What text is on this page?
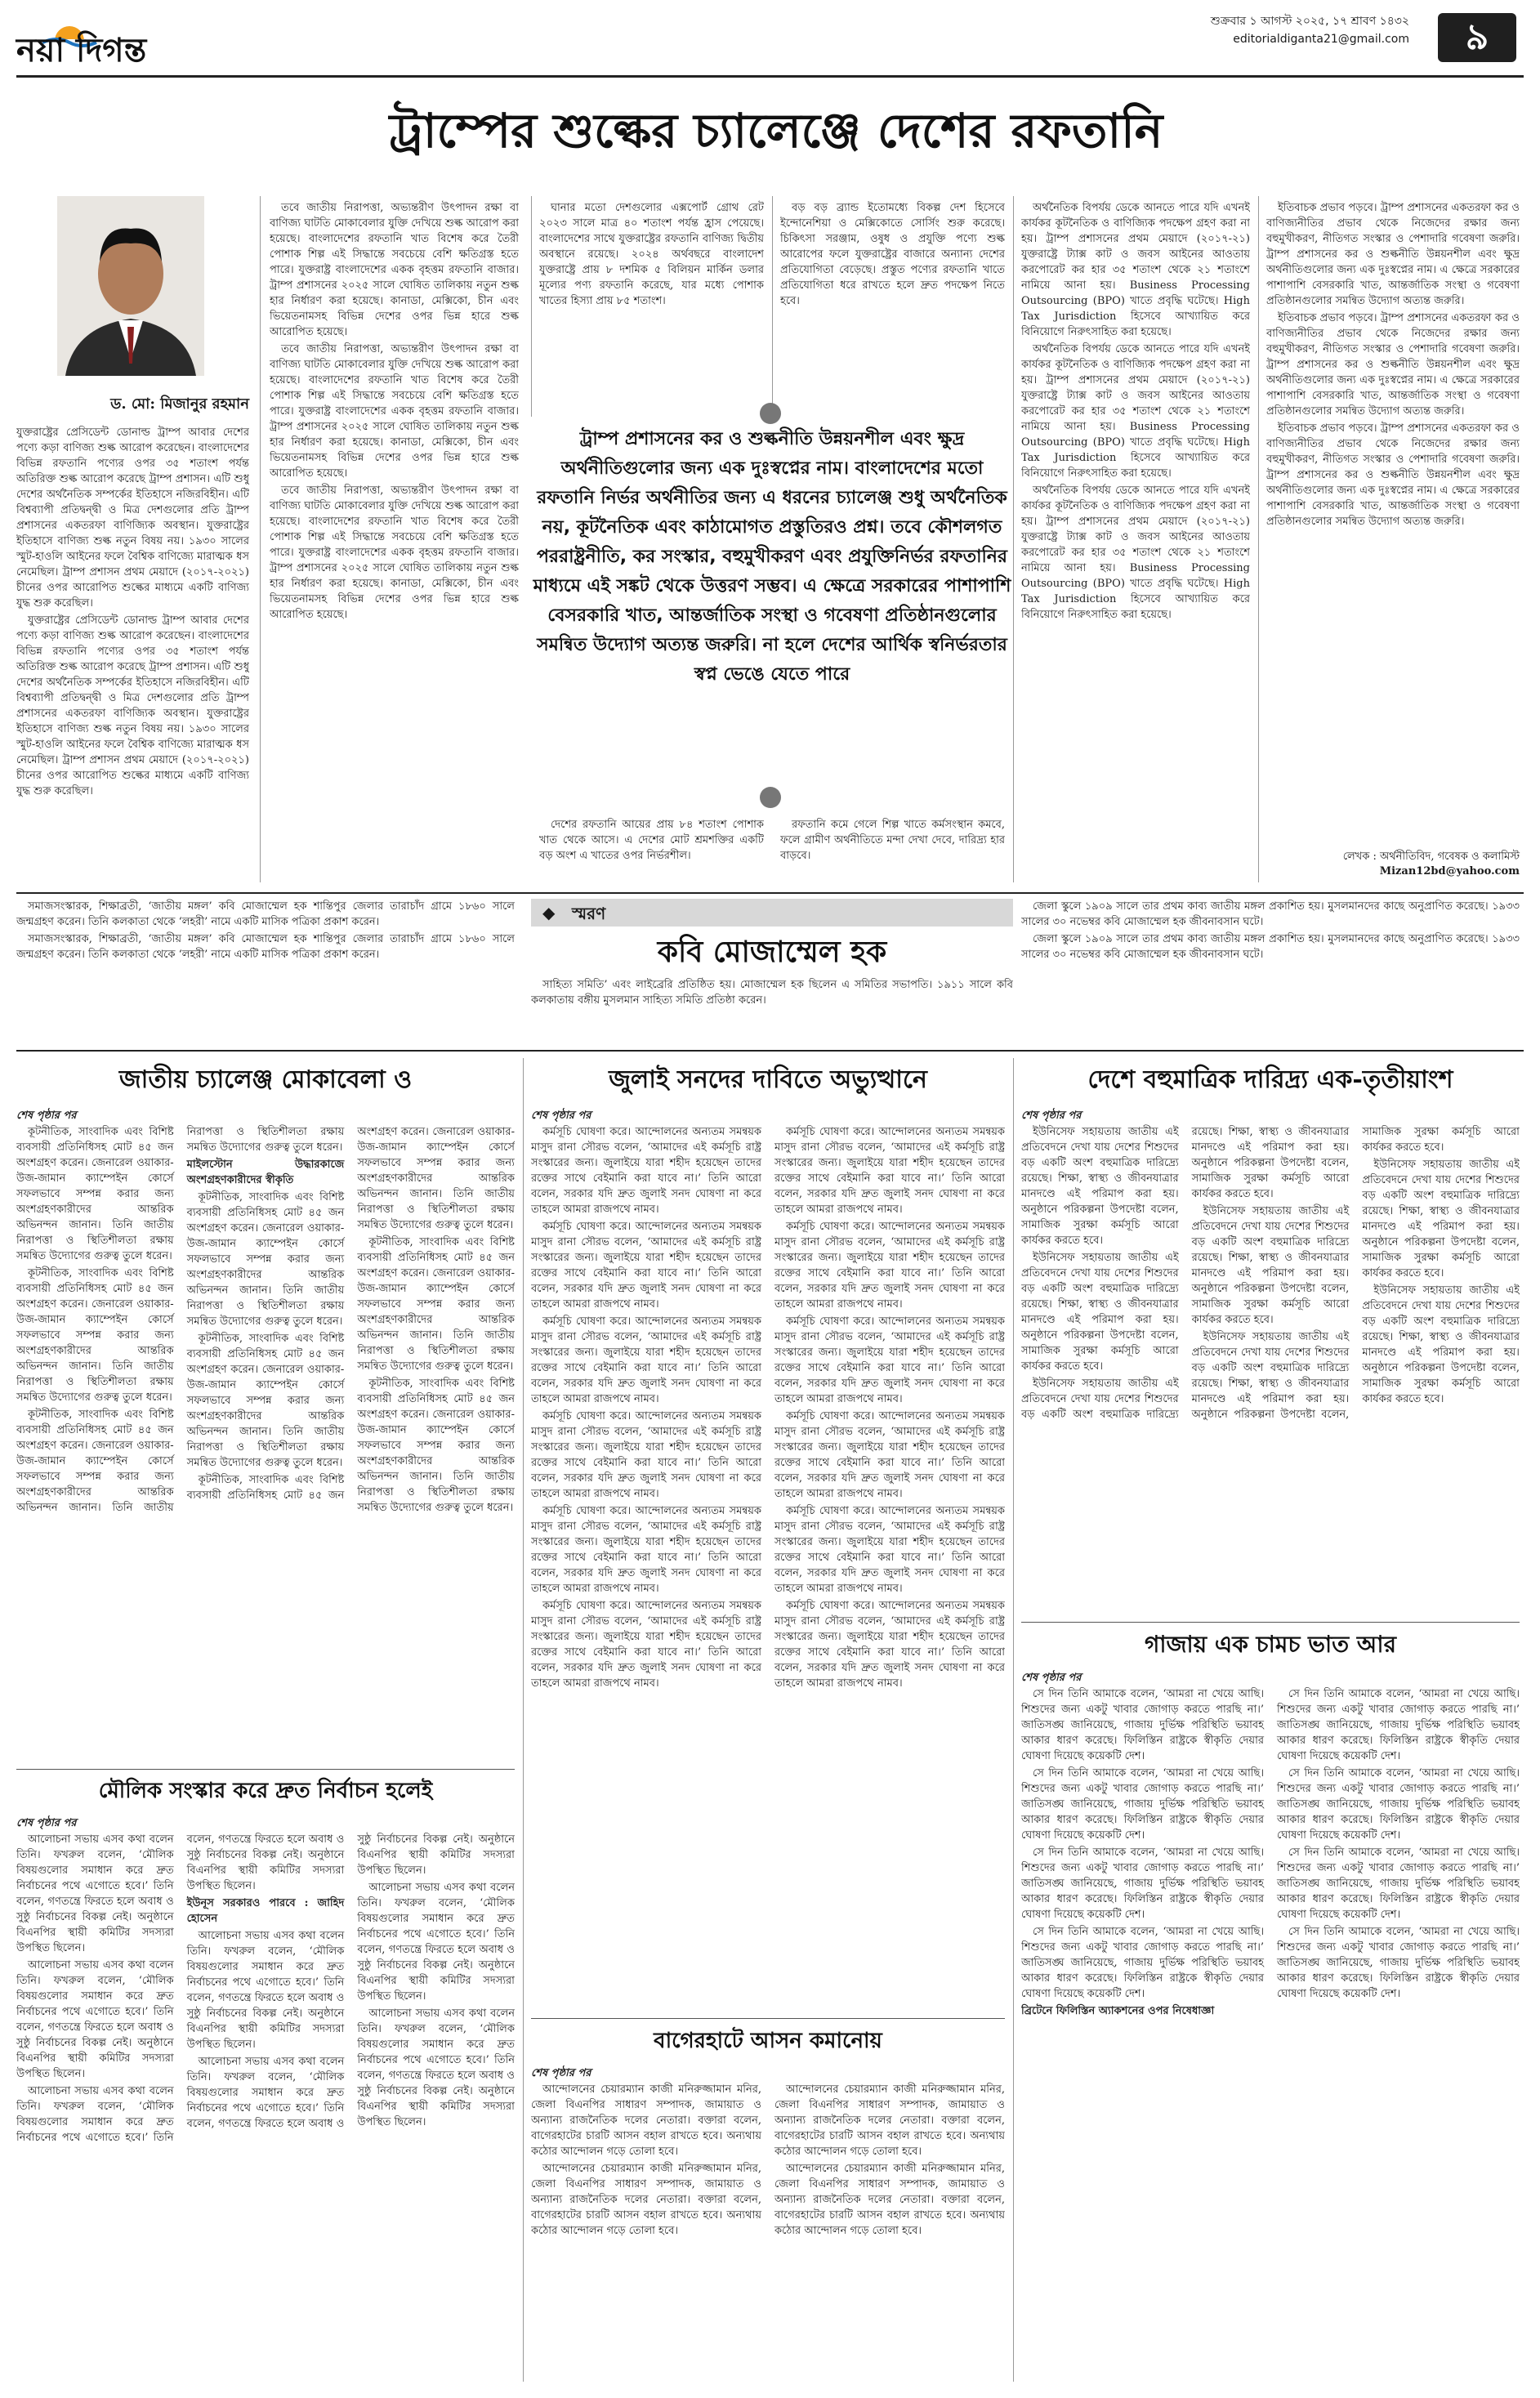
নয়া দিগন্ত
শুক্রবার ১ আগস্ট ২০২৫, ১৭ শ্রাবণ ১৪৩২
editorialdiganta21@gmail.com	৯
ট্রাম্পের শুল্কের চ্যালেঞ্জে দেশের রফতানি
ড. মো: মিজানুর রহমান

যুক্তরাষ্ট্রের প্রেসিডেন্ট ডোনাল্ড ট্রাম্প আবার দেশের পণ্যে কড়া বাণিজ্য শুল্ক আরোপ করেছেন। বাংলাদেশের বিভিন্ন রফতানি পণ্যের ওপর ৩৫ শতাংশ পর্যন্ত অতিরিক্ত শুল্ক আরোপ করেছে ট্রাম্প প্রশাসন। এটি শুধু দেশের অর্থনৈতিক সম্পর্কের ইতিহাসে নজিরবিহীন। এটি বিশ্বব্যাপী প্রতিদ্বন্দ্বী ও মিত্র দেশগুলোর প্রতি ট্রাম্প প্রশাসনের একতরফা বাণিজ্যিক অবস্থান। যুক্তরাষ্ট্রের ইতিহাসে বাণিজ্য শুল্ক নতুন বিষয় নয়। ১৯৩০ সালের স্মুট-হাওলি আইনের ফলে বৈশ্বিক বাণিজ্যে মারাত্মক ধস নেমেছিল। ট্রাম্প প্রশাসন প্রথম মেয়াদে (২০১৭-২০২১) চীনের ওপর আরোপিত শুল্কের মাধ্যমে একটি বাণিজ্য যুদ্ধ শুরু করেছিল।

যুক্তরাষ্ট্রের প্রেসিডেন্ট ডোনাল্ড ট্রাম্প আবার দেশের পণ্যে কড়া বাণিজ্য শুল্ক আরোপ করেছেন। বাংলাদেশের বিভিন্ন রফতানি পণ্যের ওপর ৩৫ শতাংশ পর্যন্ত অতিরিক্ত শুল্ক আরোপ করেছে ট্রাম্প প্রশাসন। এটি শুধু দেশের অর্থনৈতিক সম্পর্কের ইতিহাসে নজিরবিহীন। এটি বিশ্বব্যাপী প্রতিদ্বন্দ্বী ও মিত্র দেশগুলোর প্রতি ট্রাম্প প্রশাসনের একতরফা বাণিজ্যিক অবস্থান। যুক্তরাষ্ট্রের ইতিহাসে বাণিজ্য শুল্ক নতুন বিষয় নয়। ১৯৩০ সালের স্মুট-হাওলি আইনের ফলে বৈশ্বিক বাণিজ্যে মারাত্মক ধস নেমেছিল। ট্রাম্প প্রশাসন প্রথম মেয়াদে (২০১৭-২০২১) চীনের ওপর আরোপিত শুল্কের মাধ্যমে একটি বাণিজ্য যুদ্ধ শুরু করেছিল।

তবে জাতীয় নিরাপত্তা, অভ্যন্তরীণ উৎপাদন রক্ষা বা বাণিজ্য ঘাটতি মোকাবেলার যুক্তি দেখিয়ে শুল্ক আরোপ করা হয়েছে। বাংলাদেশের রফতানি খাত বিশেষ করে তৈরী পোশাক শিল্প এই সিদ্ধান্তে সবচেয়ে বেশি ক্ষতিগ্রস্ত হতে পারে। যুক্তরাষ্ট্র বাংলাদেশের একক বৃহত্তম রফতানি বাজার। ট্রাম্প প্রশাসনের ২০২৫ সালে ঘোষিত তালিকায় নতুন শুল্ক হার নির্ধারণ করা হয়েছে। কানাডা, মেক্সিকো, চীন এবং ভিয়েতনামসহ বিভিন্ন দেশের ওপর ভিন্ন হারে শুল্ক আরোপিত হয়েছে।

তবে জাতীয় নিরাপত্তা, অভ্যন্তরীণ উৎপাদন রক্ষা বা বাণিজ্য ঘাটতি মোকাবেলার যুক্তি দেখিয়ে শুল্ক আরোপ করা হয়েছে। বাংলাদেশের রফতানি খাত বিশেষ করে তৈরী পোশাক শিল্প এই সিদ্ধান্তে সবচেয়ে বেশি ক্ষতিগ্রস্ত হতে পারে। যুক্তরাষ্ট্র বাংলাদেশের একক বৃহত্তম রফতানি বাজার। ট্রাম্প প্রশাসনের ২০২৫ সালে ঘোষিত তালিকায় নতুন শুল্ক হার নির্ধারণ করা হয়েছে। কানাডা, মেক্সিকো, চীন এবং ভিয়েতনামসহ বিভিন্ন দেশের ওপর ভিন্ন হারে শুল্ক আরোপিত হয়েছে।

তবে জাতীয় নিরাপত্তা, অভ্যন্তরীণ উৎপাদন রক্ষা বা বাণিজ্য ঘাটতি মোকাবেলার যুক্তি দেখিয়ে শুল্ক আরোপ করা হয়েছে। বাংলাদেশের রফতানি খাত বিশেষ করে তৈরী পোশাক শিল্প এই সিদ্ধান্তে সবচেয়ে বেশি ক্ষতিগ্রস্ত হতে পারে। যুক্তরাষ্ট্র বাংলাদেশের একক বৃহত্তম রফতানি বাজার। ট্রাম্প প্রশাসনের ২০২৫ সালে ঘোষিত তালিকায় নতুন শুল্ক হার নির্ধারণ করা হয়েছে। কানাডা, মেক্সিকো, চীন এবং ভিয়েতনামসহ বিভিন্ন দেশের ওপর ভিন্ন হারে শুল্ক আরোপিত হয়েছে।

ঘানার মতো দেশগুলোর এক্সপোর্ট গ্রোথ রেট ২০২৩ সালে মাত্র ৪০ শতাংশ পর্যন্ত হ্রাস পেয়েছে। বাংলাদেশের সাথে যুক্তরাষ্ট্রের রফতানি বাণিজ্য দ্বিতীয় অবস্থানে রয়েছে। ২০২৪ অর্থবছরে বাংলাদেশ যুক্তরাষ্ট্রে প্রায় ৮ দশমিক ৫ বিলিয়ন মার্কিন ডলার মূল্যের পণ্য রফতানি করেছে, যার মধ্যে পোশাক খাতের হিস্যা প্রায় ৮৫ শতাংশ।

বড় বড় ব্র্যান্ড ইতোমধ্যে বিকল্প দেশ হিসেবে ইন্দোনেশিয়া ও মেক্সিকোতে সোর্সিং শুরু করেছে। চিকিৎসা সরঞ্জাম, ওষুধ ও প্রযুক্তি পণ্যে শুল্ক আরোপের ফলে যুক্তরাষ্ট্রের বাজারে অন্যান্য দেশের প্রতিযোগিতা বেড়েছে। প্রস্তুত পণ্যের রফতানি খাতে প্রতিযোগিতা ধরে রাখতে হলে দ্রুত পদক্ষেপ নিতে হবে।

অর্থনৈতিক বিপর্যয় ডেকে আনতে পারে যদি এখনই কার্যকর কূটনৈতিক ও বাণিজ্যিক পদক্ষেপ গ্রহণ করা না হয়। ট্রাম্প প্রশাসনের প্রথম মেয়াদে (২০১৭-২১) যুক্তরাষ্ট্রে ট্যাক্স কাট ও জবস আইনের আওতায় করপোরেট কর হার ৩৫ শতাংশ থেকে ২১ শতাংশে নামিয়ে আনা হয়। Business Processing Outsourcing (BPO) খাতে প্রবৃদ্ধি ঘটেছে। High Tax Jurisdiction হিসেবে আখ্যায়িত করে বিনিয়োগে নিরুৎসাহিত করা হয়েছে।

অর্থনৈতিক বিপর্যয় ডেকে আনতে পারে যদি এখনই কার্যকর কূটনৈতিক ও বাণিজ্যিক পদক্ষেপ গ্রহণ করা না হয়। ট্রাম্প প্রশাসনের প্রথম মেয়াদে (২০১৭-২১) যুক্তরাষ্ট্রে ট্যাক্স কাট ও জবস আইনের আওতায় করপোরেট কর হার ৩৫ শতাংশ থেকে ২১ শতাংশে নামিয়ে আনা হয়। Business Processing Outsourcing (BPO) খাতে প্রবৃদ্ধি ঘটেছে। High Tax Jurisdiction হিসেবে আখ্যায়িত করে বিনিয়োগে নিরুৎসাহিত করা হয়েছে।

অর্থনৈতিক বিপর্যয় ডেকে আনতে পারে যদি এখনই কার্যকর কূটনৈতিক ও বাণিজ্যিক পদক্ষেপ গ্রহণ করা না হয়। ট্রাম্প প্রশাসনের প্রথম মেয়াদে (২০১৭-২১) যুক্তরাষ্ট্রে ট্যাক্স কাট ও জবস আইনের আওতায় করপোরেট কর হার ৩৫ শতাংশ থেকে ২১ শতাংশে নামিয়ে আনা হয়। Business Processing Outsourcing (BPO) খাতে প্রবৃদ্ধি ঘটেছে। High Tax Jurisdiction হিসেবে আখ্যায়িত করে বিনিয়োগে নিরুৎসাহিত করা হয়েছে।

ইতিবাচক প্রভাব পড়বে। ট্রাম্প প্রশাসনের একতরফা কর ও বাণিজ্যনীতির প্রভাব থেকে নিজেদের রক্ষার জন্য বহুমুখীকরণ, নীতিগত সংস্কার ও পেশাদারি গবেষণা জরুরি। ট্রাম্প প্রশাসনের কর ও শুল্কনীতি উন্নয়নশীল এবং ক্ষুদ্র অর্থনীতিগুলোর জন্য এক দুঃস্বপ্নের নাম। এ ক্ষেত্রে সরকারের পাশাপাশি বেসরকারি খাত, আন্তর্জাতিক সংস্থা ও গবেষণা প্রতিষ্ঠানগুলোর সমন্বিত উদ্যোগ অত্যন্ত জরুরি।

ইতিবাচক প্রভাব পড়বে। ট্রাম্প প্রশাসনের একতরফা কর ও বাণিজ্যনীতির প্রভাব থেকে নিজেদের রক্ষার জন্য বহুমুখীকরণ, নীতিগত সংস্কার ও পেশাদারি গবেষণা জরুরি। ট্রাম্প প্রশাসনের কর ও শুল্কনীতি উন্নয়নশীল এবং ক্ষুদ্র অর্থনীতিগুলোর জন্য এক দুঃস্বপ্নের নাম। এ ক্ষেত্রে সরকারের পাশাপাশি বেসরকারি খাত, আন্তর্জাতিক সংস্থা ও গবেষণা প্রতিষ্ঠানগুলোর সমন্বিত উদ্যোগ অত্যন্ত জরুরি।

ইতিবাচক প্রভাব পড়বে। ট্রাম্প প্রশাসনের একতরফা কর ও বাণিজ্যনীতির প্রভাব থেকে নিজেদের রক্ষার জন্য বহুমুখীকরণ, নীতিগত সংস্কার ও পেশাদারি গবেষণা জরুরি। ট্রাম্প প্রশাসনের কর ও শুল্কনীতি উন্নয়নশীল এবং ক্ষুদ্র অর্থনীতিগুলোর জন্য এক দুঃস্বপ্নের নাম। এ ক্ষেত্রে সরকারের পাশাপাশি বেসরকারি খাত, আন্তর্জাতিক সংস্থা ও গবেষণা প্রতিষ্ঠানগুলোর সমন্বিত উদ্যোগ অত্যন্ত জরুরি।

ট্রাম্প প্রশাসনের কর ও শুল্কনীতি উন্নয়নশীল এবং ক্ষুদ্র অর্থনীতিগুলোর জন্য এক দুঃস্বপ্নের নাম। বাংলাদেশের মতো রফতানি নির্ভর অর্থনীতির জন্য এ ধরনের চ্যালেঞ্জ শুধু অর্থনৈতিক নয়, কূটনৈতিক এবং কাঠামোগত প্রস্তুতিরও প্রশ্ন। তবে কৌশলগত পররাষ্ট্রনীতি, কর সংস্কার, বহুমুখীকরণ এবং প্রযুক্তিনির্ভর রফতানির মাধ্যমে এই সঙ্কট থেকে উত্তরণ সম্ভব। এ ক্ষেত্রে সরকারের পাশাপাশি বেসরকারি খাত, আন্তর্জাতিক সংস্থা ও গবেষণা প্রতিষ্ঠানগুলোর সমন্বিত উদ্যোগ অত্যন্ত জরুরি। না হলে দেশের আর্থিক স্বনির্ভরতার স্বপ্ন ভেঙে যেতে পারে

দেশের রফতানি আয়ের প্রায় ৮৪ শতাংশ পোশাক খাত থেকে আসে। এ দেশের মোট শ্রমশক্তির একটি বড় অংশ এ খাতের ওপর নির্ভরশীল।

রফতানি কমে গেলে শিল্প খাতে কর্মসংস্থান কমবে, ফলে গ্রামীণ অর্থনীতিতে মন্দা দেখা দেবে, দারিদ্র্য হার বাড়বে।	লেখক : অর্থনীতিবিদ, গবেষক ও কলামিস্ট
Mizan12bd@yahoo.com

সমাজসংস্কারক, শিক্ষাব্রতী, ‘জাতীয় মঙ্গল’ কবি মোজাম্মেল হক শান্তিপুর জেলার তারাচাঁদ গ্রামে ১৮৬০ সালে জন্মগ্রহণ করেন। তিনি কলকাতা থেকে ‘লহরী’ নামে একটি মাসিক পত্রিকা প্রকাশ করেন।

সমাজসংস্কারক, শিক্ষাব্রতী, ‘জাতীয় মঙ্গল’ কবি মোজাম্মেল হক শান্তিপুর জেলার তারাচাঁদ গ্রামে ১৮৬০ সালে জন্মগ্রহণ করেন। তিনি কলকাতা থেকে ‘লহরী’ নামে একটি মাসিক পত্রিকা প্রকাশ করেন।

স্মরণ
◆
কবি মোজাম্মেল হক

সাহিত্য সমিতি’ এবং লাইব্রেরি প্রতিষ্ঠিত হয়। মোজাম্মেল হক ছিলেন এ সমিতির সভাপতি। ১৯১১ সালে কবি কলকাতায় বঙ্গীয় মুসলমান সাহিত্য সমিতি প্রতিষ্ঠা করেন।

জেলা স্কুলে ১৯০৯ সালে তার প্রথম কাব্য জাতীয় মঙ্গল প্রকাশিত হয়। মুসলমানদের কাছে অনুপ্রাণিত করেছে। ১৯৩৩ সালের ৩০ নভেম্বর কবি মোজাম্মেল হক জীবনাবসান ঘটে।

জেলা স্কুলে ১৯০৯ সালে তার প্রথম কাব্য জাতীয় মঙ্গল প্রকাশিত হয়। মুসলমানদের কাছে অনুপ্রাণিত করেছে। ১৯৩৩ সালের ৩০ নভেম্বর কবি মোজাম্মেল হক জীবনাবসান ঘটে।

জাতীয় চ্যালেঞ্জ মোকাবেলা ও
শেষ পৃষ্ঠার পর

কূটনীতিক, সাংবাদিক এবং বিশিষ্ট ব্যবসায়ী প্রতিনিধিসহ মোট ৪৫ জন অংশগ্রহণ করেন। জেনারেল ওয়াকার-উজ-জামান ক্যাম্পেইন কোর্সে সফলভাবে সম্পন্ন করার জন্য অংশগ্রহণকারীদের আন্তরিক অভিনন্দন জানান। তিনি জাতীয় নিরাপত্তা ও স্থিতিশীলতা রক্ষায় সমন্বিত উদ্যোগের গুরুত্ব তুলে ধরেন।

কূটনীতিক, সাংবাদিক এবং বিশিষ্ট ব্যবসায়ী প্রতিনিধিসহ মোট ৪৫ জন অংশগ্রহণ করেন। জেনারেল ওয়াকার-উজ-জামান ক্যাম্পেইন কোর্সে সফলভাবে সম্পন্ন করার জন্য অংশগ্রহণকারীদের আন্তরিক অভিনন্দন জানান। তিনি জাতীয় নিরাপত্তা ও স্থিতিশীলতা রক্ষায় সমন্বিত উদ্যোগের গুরুত্ব তুলে ধরেন।

কূটনীতিক, সাংবাদিক এবং বিশিষ্ট ব্যবসায়ী প্রতিনিধিসহ মোট ৪৫ জন অংশগ্রহণ করেন। জেনারেল ওয়াকার-উজ-জামান ক্যাম্পেইন কোর্সে সফলভাবে সম্পন্ন করার জন্য অংশগ্রহণকারীদের আন্তরিক অভিনন্দন জানান। তিনি জাতীয় নিরাপত্তা ও স্থিতিশীলতা রক্ষায় সমন্বিত উদ্যোগের গুরুত্ব তুলে ধরেন।

মাইলস্টোন উদ্ধারকাজে অংশগ্রহণকারীদের স্বীকৃতি

কূটনীতিক, সাংবাদিক এবং বিশিষ্ট ব্যবসায়ী প্রতিনিধিসহ মোট ৪৫ জন অংশগ্রহণ করেন। জেনারেল ওয়াকার-উজ-জামান ক্যাম্পেইন কোর্সে সফলভাবে সম্পন্ন করার জন্য অংশগ্রহণকারীদের আন্তরিক অভিনন্দন জানান। তিনি জাতীয় নিরাপত্তা ও স্থিতিশীলতা রক্ষায় সমন্বিত উদ্যোগের গুরুত্ব তুলে ধরেন।

কূটনীতিক, সাংবাদিক এবং বিশিষ্ট ব্যবসায়ী প্রতিনিধিসহ মোট ৪৫ জন অংশগ্রহণ করেন। জেনারেল ওয়াকার-উজ-জামান ক্যাম্পেইন কোর্সে সফলভাবে সম্পন্ন করার জন্য অংশগ্রহণকারীদের আন্তরিক অভিনন্দন জানান। তিনি জাতীয় নিরাপত্তা ও স্থিতিশীলতা রক্ষায় সমন্বিত উদ্যোগের গুরুত্ব তুলে ধরেন।

কূটনীতিক, সাংবাদিক এবং বিশিষ্ট ব্যবসায়ী প্রতিনিধিসহ মোট ৪৫ জন অংশগ্রহণ করেন। জেনারেল ওয়াকার-উজ-জামান ক্যাম্পেইন কোর্সে সফলভাবে সম্পন্ন করার জন্য অংশগ্রহণকারীদের আন্তরিক অভিনন্দন জানান। তিনি জাতীয় নিরাপত্তা ও স্থিতিশীলতা রক্ষায় সমন্বিত উদ্যোগের গুরুত্ব তুলে ধরেন।

কূটনীতিক, সাংবাদিক এবং বিশিষ্ট ব্যবসায়ী প্রতিনিধিসহ মোট ৪৫ জন অংশগ্রহণ করেন। জেনারেল ওয়াকার-উজ-জামান ক্যাম্পেইন কোর্সে সফলভাবে সম্পন্ন করার জন্য অংশগ্রহণকারীদের আন্তরিক অভিনন্দন জানান। তিনি জাতীয় নিরাপত্তা ও স্থিতিশীলতা রক্ষায় সমন্বিত উদ্যোগের গুরুত্ব তুলে ধরেন।

কূটনীতিক, সাংবাদিক এবং বিশিষ্ট ব্যবসায়ী প্রতিনিধিসহ মোট ৪৫ জন অংশগ্রহণ করেন। জেনারেল ওয়াকার-উজ-জামান ক্যাম্পেইন কোর্সে সফলভাবে সম্পন্ন করার জন্য অংশগ্রহণকারীদের আন্তরিক অভিনন্দন জানান। তিনি জাতীয় নিরাপত্তা ও স্থিতিশীলতা রক্ষায় সমন্বিত উদ্যোগের গুরুত্ব তুলে ধরেন।

জুলাই সনদের দাবিতে অভ্যুত্থানে
শেষ পৃষ্ঠার পর

কর্মসূচি ঘোষণা করে। আন্দোলনের অন্যতম সমন্বয়ক মাসুদ রানা সৌরভ বলেন, ‘আমাদের এই কর্মসূচি রাষ্ট্র সংস্কারের জন্য। জুলাইয়ে যারা শহীদ হয়েছেন তাদের রক্তের সাথে বেইমানি করা যাবে না।’ তিনি আরো বলেন, সরকার যদি দ্রুত জুলাই সনদ ঘোষণা না করে তাহলে আমরা রাজপথে নামব।

কর্মসূচি ঘোষণা করে। আন্দোলনের অন্যতম সমন্বয়ক মাসুদ রানা সৌরভ বলেন, ‘আমাদের এই কর্মসূচি রাষ্ট্র সংস্কারের জন্য। জুলাইয়ে যারা শহীদ হয়েছেন তাদের রক্তের সাথে বেইমানি করা যাবে না।’ তিনি আরো বলেন, সরকার যদি দ্রুত জুলাই সনদ ঘোষণা না করে তাহলে আমরা রাজপথে নামব।

কর্মসূচি ঘোষণা করে। আন্দোলনের অন্যতম সমন্বয়ক মাসুদ রানা সৌরভ বলেন, ‘আমাদের এই কর্মসূচি রাষ্ট্র সংস্কারের জন্য। জুলাইয়ে যারা শহীদ হয়েছেন তাদের রক্তের সাথে বেইমানি করা যাবে না।’ তিনি আরো বলেন, সরকার যদি দ্রুত জুলাই সনদ ঘোষণা না করে তাহলে আমরা রাজপথে নামব।

কর্মসূচি ঘোষণা করে। আন্দোলনের অন্যতম সমন্বয়ক মাসুদ রানা সৌরভ বলেন, ‘আমাদের এই কর্মসূচি রাষ্ট্র সংস্কারের জন্য। জুলাইয়ে যারা শহীদ হয়েছেন তাদের রক্তের সাথে বেইমানি করা যাবে না।’ তিনি আরো বলেন, সরকার যদি দ্রুত জুলাই সনদ ঘোষণা না করে তাহলে আমরা রাজপথে নামব।

কর্মসূচি ঘোষণা করে। আন্দোলনের অন্যতম সমন্বয়ক মাসুদ রানা সৌরভ বলেন, ‘আমাদের এই কর্মসূচি রাষ্ট্র সংস্কারের জন্য। জুলাইয়ে যারা শহীদ হয়েছেন তাদের রক্তের সাথে বেইমানি করা যাবে না।’ তিনি আরো বলেন, সরকার যদি দ্রুত জুলাই সনদ ঘোষণা না করে তাহলে আমরা রাজপথে নামব।

কর্মসূচি ঘোষণা করে। আন্দোলনের অন্যতম সমন্বয়ক মাসুদ রানা সৌরভ বলেন, ‘আমাদের এই কর্মসূচি রাষ্ট্র সংস্কারের জন্য। জুলাইয়ে যারা শহীদ হয়েছেন তাদের রক্তের সাথে বেইমানি করা যাবে না।’ তিনি আরো বলেন, সরকার যদি দ্রুত জুলাই সনদ ঘোষণা না করে তাহলে আমরা রাজপথে নামব।

কর্মসূচি ঘোষণা করে। আন্দোলনের অন্যতম সমন্বয়ক মাসুদ রানা সৌরভ বলেন, ‘আমাদের এই কর্মসূচি রাষ্ট্র সংস্কারের জন্য। জুলাইয়ে যারা শহীদ হয়েছেন তাদের রক্তের সাথে বেইমানি করা যাবে না।’ তিনি আরো বলেন, সরকার যদি দ্রুত জুলাই সনদ ঘোষণা না করে তাহলে আমরা রাজপথে নামব।

কর্মসূচি ঘোষণা করে। আন্দোলনের অন্যতম সমন্বয়ক মাসুদ রানা সৌরভ বলেন, ‘আমাদের এই কর্মসূচি রাষ্ট্র সংস্কারের জন্য। জুলাইয়ে যারা শহীদ হয়েছেন তাদের রক্তের সাথে বেইমানি করা যাবে না।’ তিনি আরো বলেন, সরকার যদি দ্রুত জুলাই সনদ ঘোষণা না করে তাহলে আমরা রাজপথে নামব।

কর্মসূচি ঘোষণা করে। আন্দোলনের অন্যতম সমন্বয়ক মাসুদ রানা সৌরভ বলেন, ‘আমাদের এই কর্মসূচি রাষ্ট্র সংস্কারের জন্য। জুলাইয়ে যারা শহীদ হয়েছেন তাদের রক্তের সাথে বেইমানি করা যাবে না।’ তিনি আরো বলেন, সরকার যদি দ্রুত জুলাই সনদ ঘোষণা না করে তাহলে আমরা রাজপথে নামব।

কর্মসূচি ঘোষণা করে। আন্দোলনের অন্যতম সমন্বয়ক মাসুদ রানা সৌরভ বলেন, ‘আমাদের এই কর্মসূচি রাষ্ট্র সংস্কারের জন্য। জুলাইয়ে যারা শহীদ হয়েছেন তাদের রক্তের সাথে বেইমানি করা যাবে না।’ তিনি আরো বলেন, সরকার যদি দ্রুত জুলাই সনদ ঘোষণা না করে তাহলে আমরা রাজপথে নামব।

কর্মসূচি ঘোষণা করে। আন্দোলনের অন্যতম সমন্বয়ক মাসুদ রানা সৌরভ বলেন, ‘আমাদের এই কর্মসূচি রাষ্ট্র সংস্কারের জন্য। জুলাইয়ে যারা শহীদ হয়েছেন তাদের রক্তের সাথে বেইমানি করা যাবে না।’ তিনি আরো বলেন, সরকার যদি দ্রুত জুলাই সনদ ঘোষণা না করে তাহলে আমরা রাজপথে নামব।

কর্মসূচি ঘোষণা করে। আন্দোলনের অন্যতম সমন্বয়ক মাসুদ রানা সৌরভ বলেন, ‘আমাদের এই কর্মসূচি রাষ্ট্র সংস্কারের জন্য। জুলাইয়ে যারা শহীদ হয়েছেন তাদের রক্তের সাথে বেইমানি করা যাবে না।’ তিনি আরো বলেন, সরকার যদি দ্রুত জুলাই সনদ ঘোষণা না করে তাহলে আমরা রাজপথে নামব।

দেশে বহুমাত্রিক দারিদ্র্য এক-তৃতীয়াংশ
শেষ পৃষ্ঠার পর

ইউনিসেফ সহায়তায় জাতীয় এই প্রতিবেদনে দেখা যায় দেশের শিশুদের বড় একটি অংশ বহুমাত্রিক দারিদ্র্যে রয়েছে। শিক্ষা, স্বাস্থ্য ও জীবনযাত্রার মানদণ্ডে এই পরিমাপ করা হয়। অনুষ্ঠানে পরিকল্পনা উপদেষ্টা বলেন, সামাজিক সুরক্ষা কর্মসূচি আরো কার্যকর করতে হবে।

ইউনিসেফ সহায়তায় জাতীয় এই প্রতিবেদনে দেখা যায় দেশের শিশুদের বড় একটি অংশ বহুমাত্রিক দারিদ্র্যে রয়েছে। শিক্ষা, স্বাস্থ্য ও জীবনযাত্রার মানদণ্ডে এই পরিমাপ করা হয়। অনুষ্ঠানে পরিকল্পনা উপদেষ্টা বলেন, সামাজিক সুরক্ষা কর্মসূচি আরো কার্যকর করতে হবে।

ইউনিসেফ সহায়তায় জাতীয় এই প্রতিবেদনে দেখা যায় দেশের শিশুদের বড় একটি অংশ বহুমাত্রিক দারিদ্র্যে রয়েছে। শিক্ষা, স্বাস্থ্য ও জীবনযাত্রার মানদণ্ডে এই পরিমাপ করা হয়। অনুষ্ঠানে পরিকল্পনা উপদেষ্টা বলেন, সামাজিক সুরক্ষা কর্মসূচি আরো কার্যকর করতে হবে।

ইউনিসেফ সহায়তায় জাতীয় এই প্রতিবেদনে দেখা যায় দেশের শিশুদের বড় একটি অংশ বহুমাত্রিক দারিদ্র্যে রয়েছে। শিক্ষা, স্বাস্থ্য ও জীবনযাত্রার মানদণ্ডে এই পরিমাপ করা হয়। অনুষ্ঠানে পরিকল্পনা উপদেষ্টা বলেন, সামাজিক সুরক্ষা কর্মসূচি আরো কার্যকর করতে হবে।

ইউনিসেফ সহায়তায় জাতীয় এই প্রতিবেদনে দেখা যায় দেশের শিশুদের বড় একটি অংশ বহুমাত্রিক দারিদ্র্যে রয়েছে। শিক্ষা, স্বাস্থ্য ও জীবনযাত্রার মানদণ্ডে এই পরিমাপ করা হয়। অনুষ্ঠানে পরিকল্পনা উপদেষ্টা বলেন, সামাজিক সুরক্ষা কর্মসূচি আরো কার্যকর করতে হবে।

ইউনিসেফ সহায়তায় জাতীয় এই প্রতিবেদনে দেখা যায় দেশের শিশুদের বড় একটি অংশ বহুমাত্রিক দারিদ্র্যে রয়েছে। শিক্ষা, স্বাস্থ্য ও জীবনযাত্রার মানদণ্ডে এই পরিমাপ করা হয়। অনুষ্ঠানে পরিকল্পনা উপদেষ্টা বলেন, সামাজিক সুরক্ষা কর্মসূচি আরো কার্যকর করতে হবে।

ইউনিসেফ সহায়তায় জাতীয় এই প্রতিবেদনে দেখা যায় দেশের শিশুদের বড় একটি অংশ বহুমাত্রিক দারিদ্র্যে রয়েছে। শিক্ষা, স্বাস্থ্য ও জীবনযাত্রার মানদণ্ডে এই পরিমাপ করা হয়। অনুষ্ঠানে পরিকল্পনা উপদেষ্টা বলেন, সামাজিক সুরক্ষা কর্মসূচি আরো কার্যকর করতে হবে।

মৌলিক সংস্কার করে দ্রুত নির্বাচন হলেই
শেষ পৃষ্ঠার পর

আলোচনা সভায় এসব কথা বলেন তিনি। ফখরুল বলেন, ‘মৌলিক বিষয়গুলোর সমাধান করে দ্রুত নির্বাচনের পথে এগোতে হবে।’ তিনি বলেন, গণতন্ত্রে ফিরতে হলে অবাধ ও সুষ্ঠু নির্বাচনের বিকল্প নেই। অনুষ্ঠানে বিএনপির স্থায়ী কমিটির সদস্যরা উপস্থিত ছিলেন।

আলোচনা সভায় এসব কথা বলেন তিনি। ফখরুল বলেন, ‘মৌলিক বিষয়গুলোর সমাধান করে দ্রুত নির্বাচনের পথে এগোতে হবে।’ তিনি বলেন, গণতন্ত্রে ফিরতে হলে অবাধ ও সুষ্ঠু নির্বাচনের বিকল্প নেই। অনুষ্ঠানে বিএনপির স্থায়ী কমিটির সদস্যরা উপস্থিত ছিলেন।

আলোচনা সভায় এসব কথা বলেন তিনি। ফখরুল বলেন, ‘মৌলিক বিষয়গুলোর সমাধান করে দ্রুত নির্বাচনের পথে এগোতে হবে।’ তিনি বলেন, গণতন্ত্রে ফিরতে হলে অবাধ ও সুষ্ঠু নির্বাচনের বিকল্প নেই। অনুষ্ঠানে বিএনপির স্থায়ী কমিটির সদস্যরা উপস্থিত ছিলেন।

ইউনূস সরকারও পারবে : জাহিদ হোসেন

আলোচনা সভায় এসব কথা বলেন তিনি। ফখরুল বলেন, ‘মৌলিক বিষয়গুলোর সমাধান করে দ্রুত নির্বাচনের পথে এগোতে হবে।’ তিনি বলেন, গণতন্ত্রে ফিরতে হলে অবাধ ও সুষ্ঠু নির্বাচনের বিকল্প নেই। অনুষ্ঠানে বিএনপির স্থায়ী কমিটির সদস্যরা উপস্থিত ছিলেন।

আলোচনা সভায় এসব কথা বলেন তিনি। ফখরুল বলেন, ‘মৌলিক বিষয়গুলোর সমাধান করে দ্রুত নির্বাচনের পথে এগোতে হবে।’ তিনি বলেন, গণতন্ত্রে ফিরতে হলে অবাধ ও সুষ্ঠু নির্বাচনের বিকল্প নেই। অনুষ্ঠানে বিএনপির স্থায়ী কমিটির সদস্যরা উপস্থিত ছিলেন।

আলোচনা সভায় এসব কথা বলেন তিনি। ফখরুল বলেন, ‘মৌলিক বিষয়গুলোর সমাধান করে দ্রুত নির্বাচনের পথে এগোতে হবে।’ তিনি বলেন, গণতন্ত্রে ফিরতে হলে অবাধ ও সুষ্ঠু নির্বাচনের বিকল্প নেই। অনুষ্ঠানে বিএনপির স্থায়ী কমিটির সদস্যরা উপস্থিত ছিলেন।

আলোচনা সভায় এসব কথা বলেন তিনি। ফখরুল বলেন, ‘মৌলিক বিষয়গুলোর সমাধান করে দ্রুত নির্বাচনের পথে এগোতে হবে।’ তিনি বলেন, গণতন্ত্রে ফিরতে হলে অবাধ ও সুষ্ঠু নির্বাচনের বিকল্প নেই। অনুষ্ঠানে বিএনপির স্থায়ী কমিটির সদস্যরা উপস্থিত ছিলেন।

বাগেরহাটে আসন কমানোয়
শেষ পৃষ্ঠার পর

আন্দোলনের চেয়ারম্যান কাজী মনিরুজ্জামান মনির, জেলা বিএনপির সাধারণ সম্পাদক, জামায়াত ও অন্যান্য রাজনৈতিক দলের নেতারা। বক্তারা বলেন, বাগেরহাটের চারটি আসন বহাল রাখতে হবে। অন্যথায় কঠোর আন্দোলন গড়ে তোলা হবে।

আন্দোলনের চেয়ারম্যান কাজী মনিরুজ্জামান মনির, জেলা বিএনপির সাধারণ সম্পাদক, জামায়াত ও অন্যান্য রাজনৈতিক দলের নেতারা। বক্তারা বলেন, বাগেরহাটের চারটি আসন বহাল রাখতে হবে। অন্যথায় কঠোর আন্দোলন গড়ে তোলা হবে।

আন্দোলনের চেয়ারম্যান কাজী মনিরুজ্জামান মনির, জেলা বিএনপির সাধারণ সম্পাদক, জামায়াত ও অন্যান্য রাজনৈতিক দলের নেতারা। বক্তারা বলেন, বাগেরহাটের চারটি আসন বহাল রাখতে হবে। অন্যথায় কঠোর আন্দোলন গড়ে তোলা হবে।

আন্দোলনের চেয়ারম্যান কাজী মনিরুজ্জামান মনির, জেলা বিএনপির সাধারণ সম্পাদক, জামায়াত ও অন্যান্য রাজনৈতিক দলের নেতারা। বক্তারা বলেন, বাগেরহাটের চারটি আসন বহাল রাখতে হবে। অন্যথায় কঠোর আন্দোলন গড়ে তোলা হবে।

গাজায় এক চামচ ভাত আর
শেষ পৃষ্ঠার পর

সে দিন তিনি আমাকে বলেন, ‘আমরা না খেয়ে আছি। শিশুদের জন্য একটু খাবার জোগাড় করতে পারছি না।’ জাতিসঙ্ঘ জানিয়েছে, গাজায় দুর্ভিক্ষ পরিস্থিতি ভয়াবহ আকার ধারণ করেছে। ফিলিস্তিন রাষ্ট্রকে স্বীকৃতি দেয়ার ঘোষণা দিয়েছে কয়েকটি দেশ।

সে দিন তিনি আমাকে বলেন, ‘আমরা না খেয়ে আছি। শিশুদের জন্য একটু খাবার জোগাড় করতে পারছি না।’ জাতিসঙ্ঘ জানিয়েছে, গাজায় দুর্ভিক্ষ পরিস্থিতি ভয়াবহ আকার ধারণ করেছে। ফিলিস্তিন রাষ্ট্রকে স্বীকৃতি দেয়ার ঘোষণা দিয়েছে কয়েকটি দেশ।

সে দিন তিনি আমাকে বলেন, ‘আমরা না খেয়ে আছি। শিশুদের জন্য একটু খাবার জোগাড় করতে পারছি না।’ জাতিসঙ্ঘ জানিয়েছে, গাজায় দুর্ভিক্ষ পরিস্থিতি ভয়াবহ আকার ধারণ করেছে। ফিলিস্তিন রাষ্ট্রকে স্বীকৃতি দেয়ার ঘোষণা দিয়েছে কয়েকটি দেশ।

সে দিন তিনি আমাকে বলেন, ‘আমরা না খেয়ে আছি। শিশুদের জন্য একটু খাবার জোগাড় করতে পারছি না।’ জাতিসঙ্ঘ জানিয়েছে, গাজায় দুর্ভিক্ষ পরিস্থিতি ভয়াবহ আকার ধারণ করেছে। ফিলিস্তিন রাষ্ট্রকে স্বীকৃতি দেয়ার ঘোষণা দিয়েছে কয়েকটি দেশ।

ব্রিটেনে ফিলিস্তিন অ্যাকশনের ওপর নিষেধাজ্ঞা

সে দিন তিনি আমাকে বলেন, ‘আমরা না খেয়ে আছি। শিশুদের জন্য একটু খাবার জোগাড় করতে পারছি না।’ জাতিসঙ্ঘ জানিয়েছে, গাজায় দুর্ভিক্ষ পরিস্থিতি ভয়াবহ আকার ধারণ করেছে। ফিলিস্তিন রাষ্ট্রকে স্বীকৃতি দেয়ার ঘোষণা দিয়েছে কয়েকটি দেশ।

সে দিন তিনি আমাকে বলেন, ‘আমরা না খেয়ে আছি। শিশুদের জন্য একটু খাবার জোগাড় করতে পারছি না।’ জাতিসঙ্ঘ জানিয়েছে, গাজায় দুর্ভিক্ষ পরিস্থিতি ভয়াবহ আকার ধারণ করেছে। ফিলিস্তিন রাষ্ট্রকে স্বীকৃতি দেয়ার ঘোষণা দিয়েছে কয়েকটি দেশ।

সে দিন তিনি আমাকে বলেন, ‘আমরা না খেয়ে আছি। শিশুদের জন্য একটু খাবার জোগাড় করতে পারছি না।’ জাতিসঙ্ঘ জানিয়েছে, গাজায় দুর্ভিক্ষ পরিস্থিতি ভয়াবহ আকার ধারণ করেছে। ফিলিস্তিন রাষ্ট্রকে স্বীকৃতি দেয়ার ঘোষণা দিয়েছে কয়েকটি দেশ।

সে দিন তিনি আমাকে বলেন, ‘আমরা না খেয়ে আছি। শিশুদের জন্য একটু খাবার জোগাড় করতে পারছি না।’ জাতিসঙ্ঘ জানিয়েছে, গাজায় দুর্ভিক্ষ পরিস্থিতি ভয়াবহ আকার ধারণ করেছে। ফিলিস্তিন রাষ্ট্রকে স্বীকৃতি দেয়ার ঘোষণা দিয়েছে কয়েকটি দেশ।
